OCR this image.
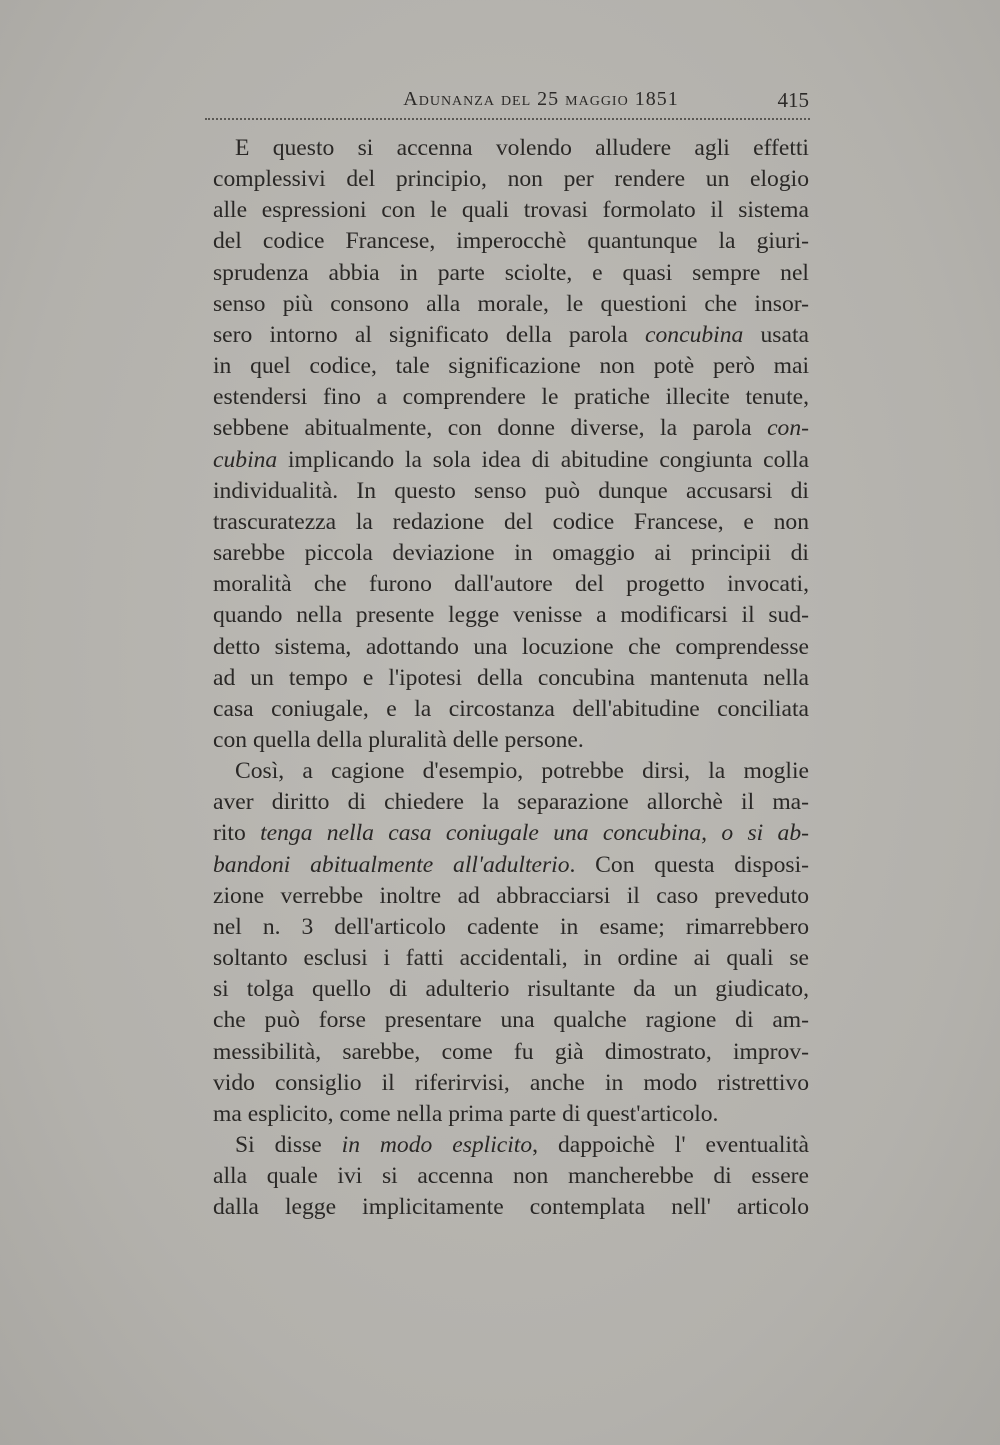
Adunanza del 25 maggio 1851	415
E questo si accenna volendo alludere agli effetti
complessivi del principio, non per rendere un elogio
alle espressioni con le quali trovasi formolato il sistema
del codice Francese, imperocchè quantunque la giuri-
sprudenza abbia in parte sciolte, e quasi sempre nel
senso più consono alla morale, le questioni che insor-
sero intorno al significato della parola concubina usata
in quel codice, tale significazione non potè però mai
estendersi fino a comprendere le pratiche illecite tenute,
sebbene abitualmente, con donne diverse, la parola con-
cubina implicando la sola idea di abitudine congiunta colla
individualità. In questo senso può dunque accusarsi di
trascuratezza la redazione del codice Francese, e non
sarebbe piccola deviazione in omaggio ai principii di
moralità che furono dall'autore del progetto invocati,
quando nella presente legge venisse a modificarsi il sud-
detto sistema, adottando una locuzione che comprendesse
ad un tempo e l'ipotesi della concubina mantenuta nella
casa coniugale, e la circostanza dell'abitudine conciliata
con quella della pluralità delle persone.
Così, a cagione d'esempio, potrebbe dirsi, la moglie
aver diritto di chiedere la separazione allorchè il ma-
rito tenga nella casa coniugale una concubina, o si ab-
bandoni abitualmente all'adulterio. Con questa disposi-
zione verrebbe inoltre ad abbracciarsi il caso preveduto
nel n. 3 dell'articolo cadente in esame; rimarrebbero
soltanto esclusi i fatti accidentali, in ordine ai quali se
si tolga quello di adulterio risultante da un giudicato,
che può forse presentare una qualche ragione di am-
messibilità, sarebbe, come fu già dimostrato, improv-
vido consiglio il riferirvisi, anche in modo ristrettivo
ma esplicito, come nella prima parte di quest'articolo.
Si disse in modo esplicito, dappoichè l' eventualità
alla quale ivi si accenna non mancherebbe di essere
dalla legge implicitamente contemplata nell' articolo
